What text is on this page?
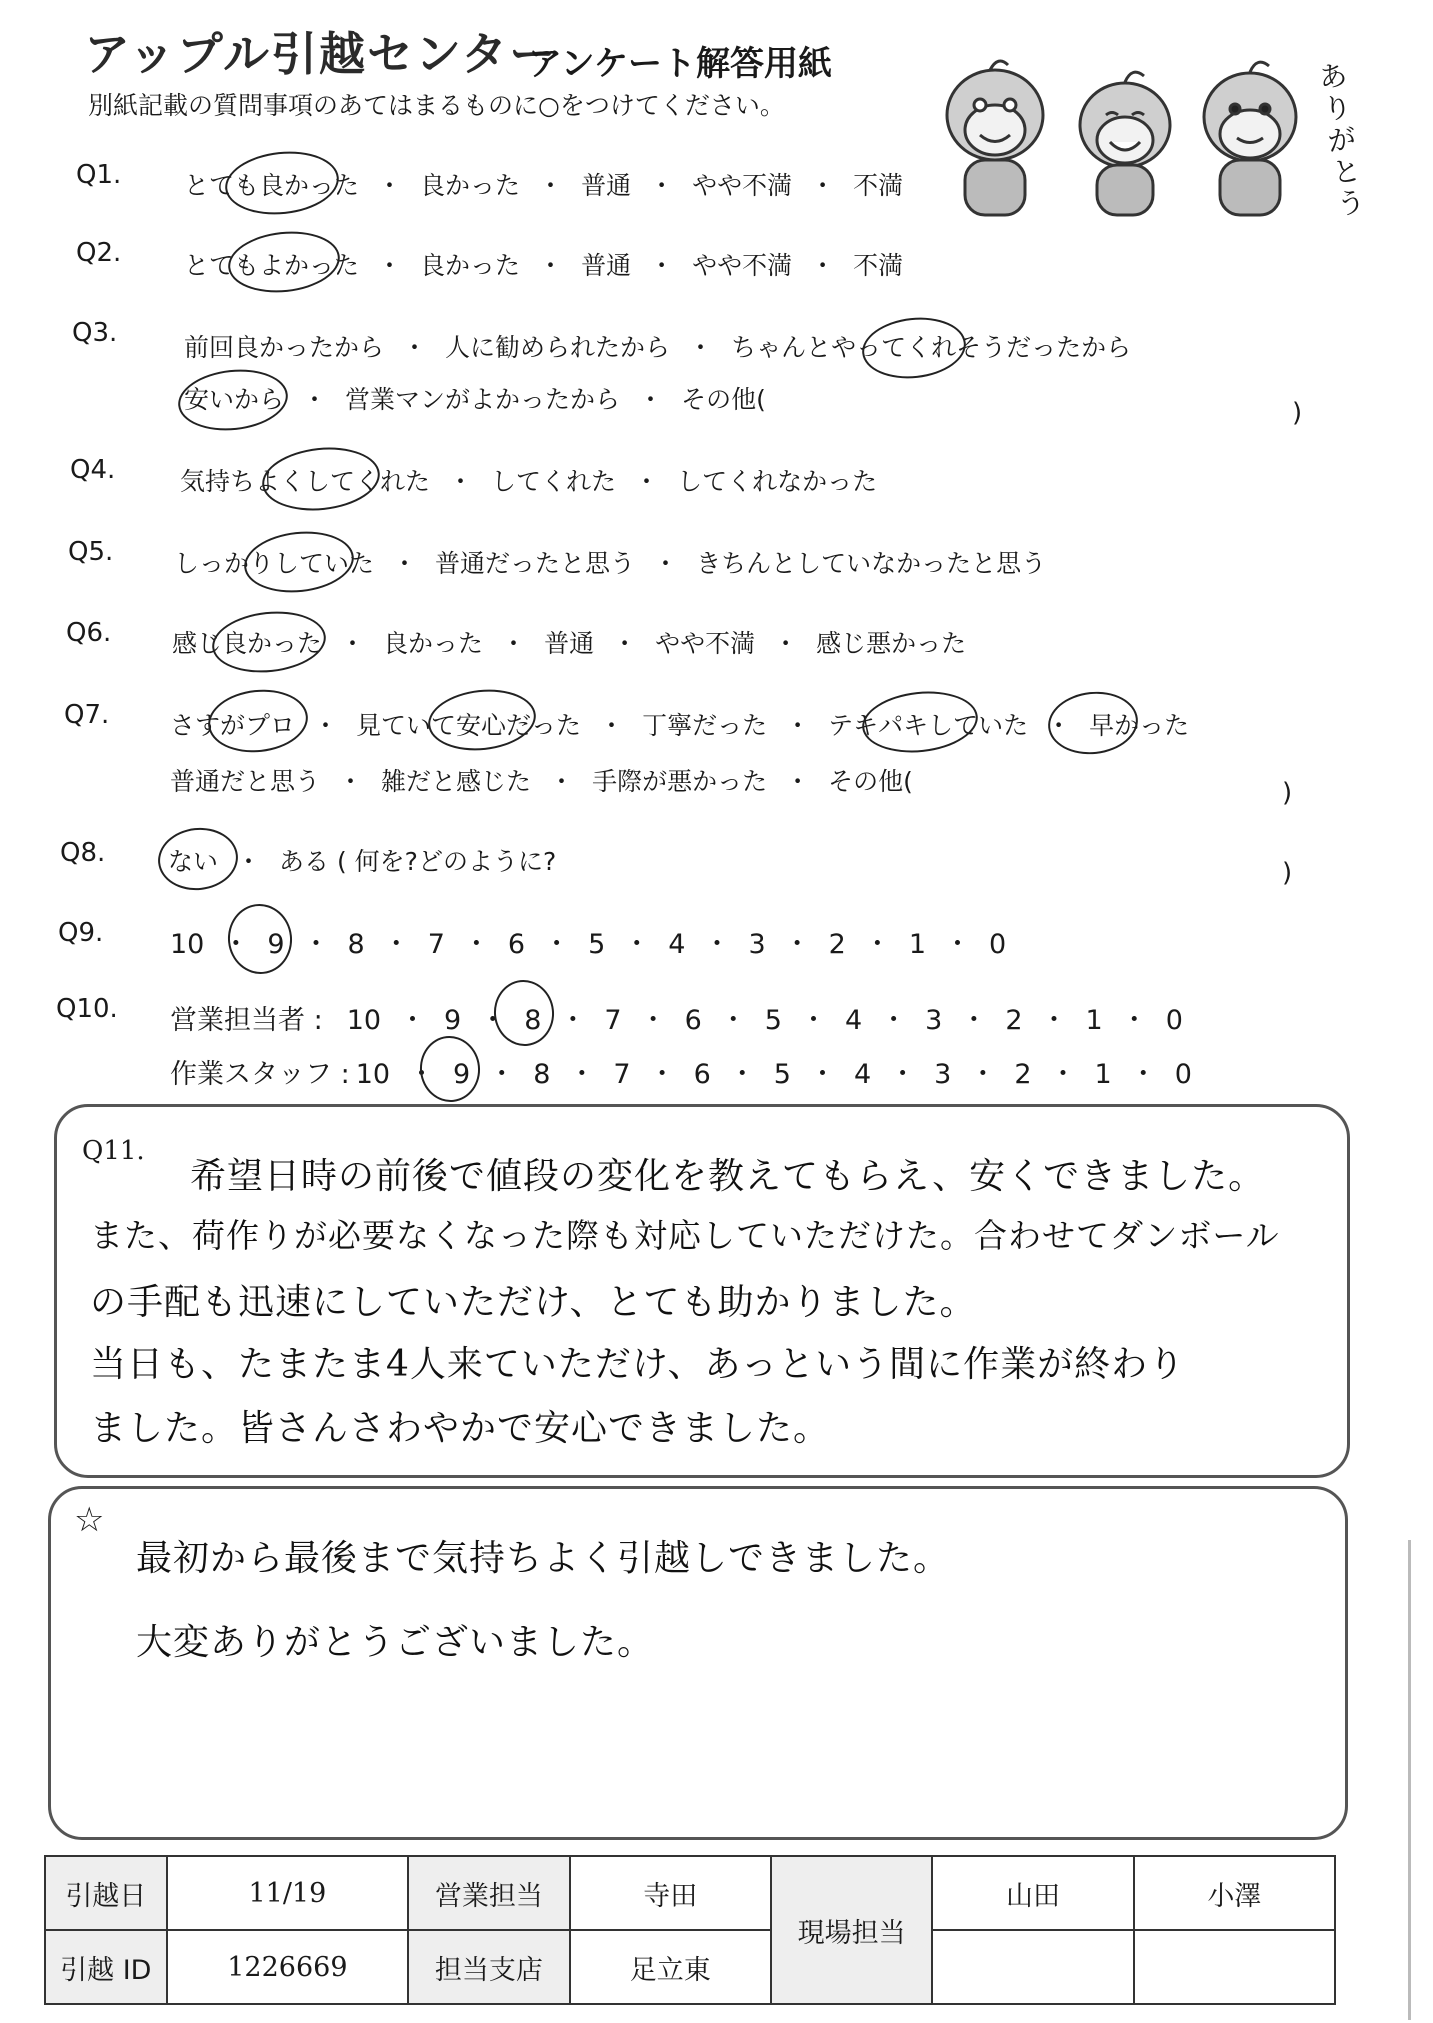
アップル引越センター
アンケート解答用紙
別紙記載の質問事項のあてはまるものに○をつけてください。
ありがとう
Q1.	とても良かった ・ 良かった ・ 普通 ・ やや不満 ・ 不満
Q2.	とてもよかった ・ 良かった ・ 普通 ・ やや不満 ・ 不満
Q3.	前回良かったから ・ 人に勧められたから ・ ちゃんとやってくれそうだったから
安いから ・ 営業マンがよかったから ・ その他(	)
Q4.	気持ちよくしてくれた ・ してくれた ・ してくれなかった
Q5. しっかりしていた ・ 普通だったと思う ・ きちんとしていなかったと思う
Q6. 感じ良かった ・ 良かった ・ 普通 ・ やや不満 ・ 感じ悪かった
Q7. さすがプロ ・ 見ていて安心だった ・ 丁寧だった ・ テキパキしていた ・ 早かった
普通だと思う ・ 雑だと感じた ・ 手際が悪かった ・ その他(	)
Q8.	ない ・ ある ( 何を?どのように?	)
Q9. 10 ・ 9 ・ 8 ・ 7 ・ 6 ・ 5 ・ 4 ・ 3 ・ 2 ・ 1 ・ 0
Q10. 営業担当者 : 10 ・ 9 ・ 8 ・ 7 ・ 6 ・ 5 ・ 4 ・ 3 ・ 2 ・ 1 ・ 0
作業スタッフ : 10 ・ 9 ・ 8 ・ 7 ・ 6 ・ 5 ・ 4 ・ 3 ・ 2 ・ 1 ・ 0
Q11.
希望日時の前後で値段の変化を教えてもらえ、安くできました。
また、荷作りが必要なくなった際も対応していただけた。合わせてダンボール
の手配も迅速にしていただけ、とても助かりました。
当日も、たまたま4人来ていただけ、あっという間に作業が終わり
ました。皆さんさわやかで安心できました。
☆
最初から最後まで気持ちよく引越しできました。
大変ありがとうございました。
引越日	11/19	営業担当	寺田	現場担当	山田	小澤
引越 ID	1226669	担当支店	足立東			
